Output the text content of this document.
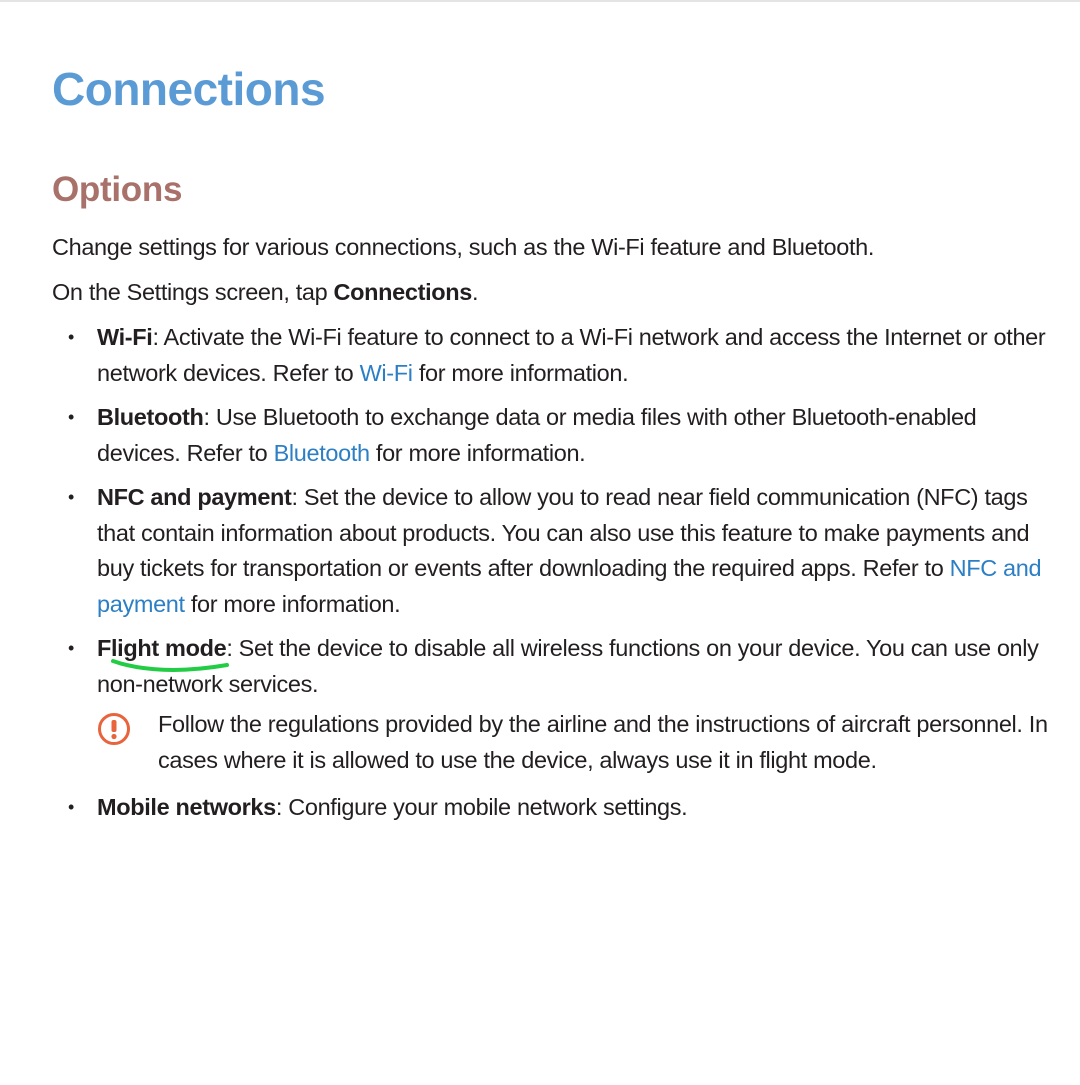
Connections
Options

Change settings for various connections, such as the Wi-Fi feature and Bluetooth.

On the Settings screen, tap Connections.

• Wi-Fi: Activate the Wi-Fi feature to connect to a Wi-Fi network and access the Internet or other network devices. Refer to Wi-Fi for more information.
• Bluetooth: Use Bluetooth to exchange data or media files with other Bluetooth-enabled devices. Refer to Bluetooth for more information.
• NFC and payment: Set the device to allow you to read near field communication (NFC) tags that contain information about products. You can also use this feature to make payments and buy tickets for transportation or events after downloading the required apps. Refer to NFC and payment for more information.
• Flight mode
: Set the device to disable all wireless functions on your device. You can use only non-network services.
Follow the regulations provided by the airline and the instructions of aircraft personnel. In cases where it is allowed to use the device, always use it in flight mode.
• Mobile networks: Configure your mobile network settings.
